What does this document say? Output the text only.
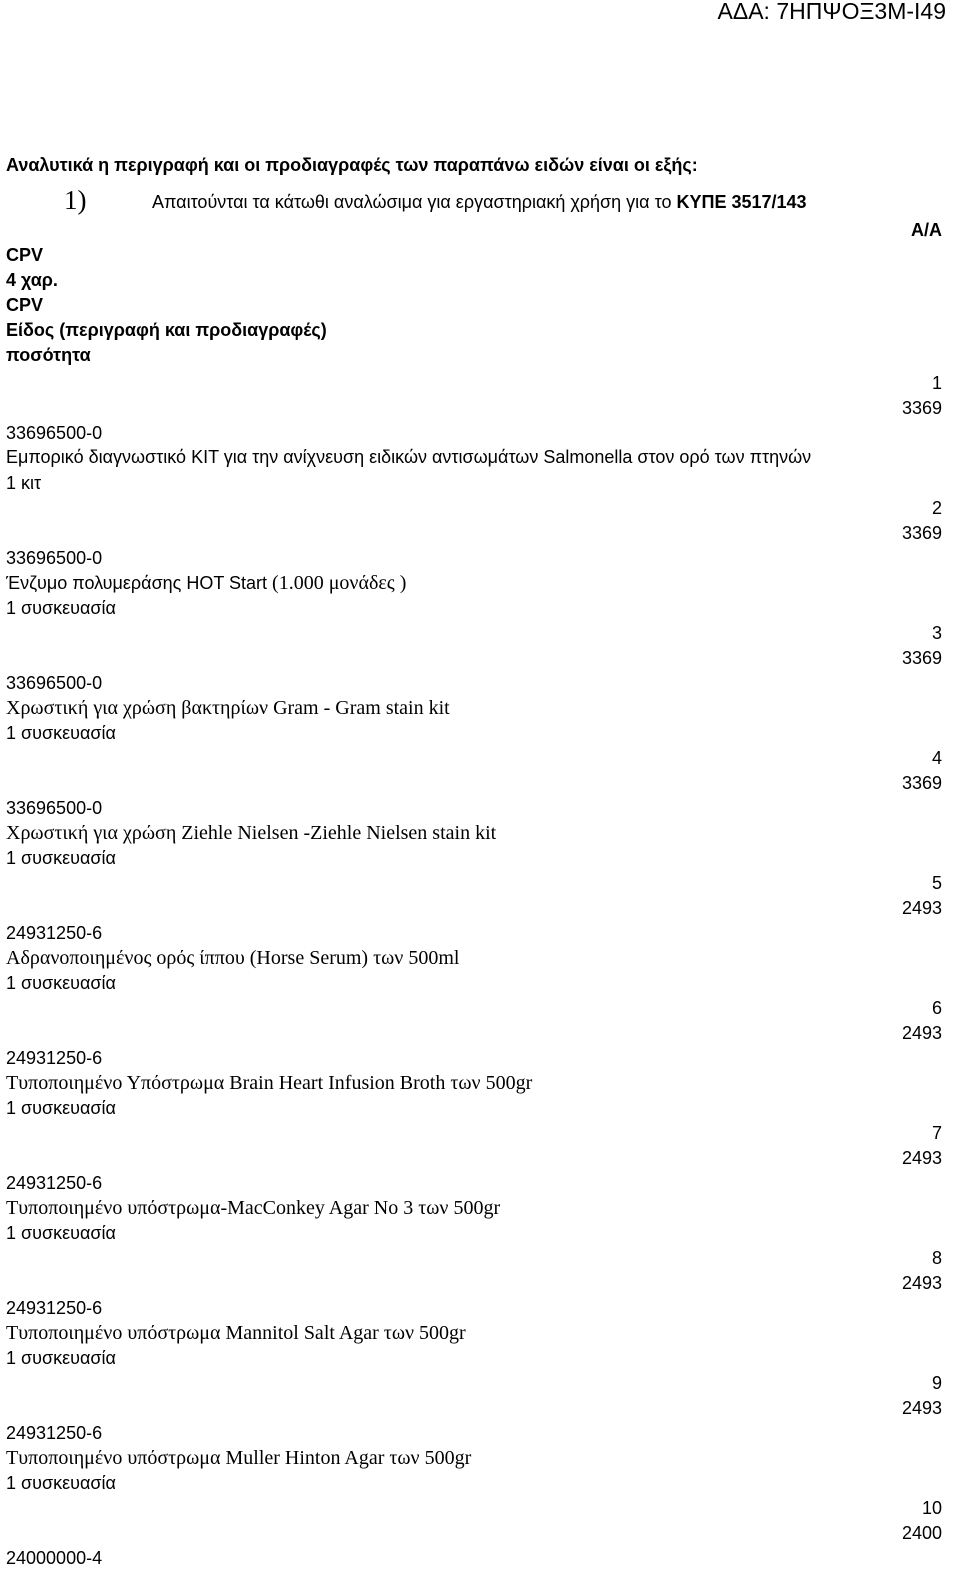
ΑΔΑ: 7ΗΠΨΟΞ3Μ-Ι49
Αναλυτικά η περιγραφή και οι προδιαγραφές των παραπάνω ειδών είναι οι εξής:
1)	Απαιτούνται τα κάτωθι αναλώσιμα για εργαστηριακή χρήση για το ΚΥΠΕ 3517/143
Α/Α
CPV
4 χαρ.
CPV
Είδος (περιγραφή και προδιαγραφές)
ποσότητα
1
3369
33696500-0
Εμπορικό διαγνωστικό KIT για την ανίχνευση ειδικών αντισωμάτων Salmonella στον ορό των πτηνών
1 κιτ
2
3369
33696500-0
Ένζυμο πολυμεράσης HOT Start (1.000 μονάδες )
1 συσκευασία
3
3369
33696500-0
Χρωστική για χρώση βακτηρίων Gram - Gram stain kit
1 συσκευασία
4
3369
33696500-0
Χρωστική για χρώση Ziehle Nielsen -Ziehle Nielsen stain kit
1 συσκευασία
5
2493
24931250-6
Αδρανοποιημένος ορός ίππου (Horse Serum) των 500ml
1 συσκευασία
6
2493
24931250-6
Τυποποιημένο Υπόστρωμα Brain Heart Infusion Broth των 500gr
1 συσκευασία
7
2493
24931250-6
Τυποποιημένο υπόστρωμα-MacConkey Agar No 3 των 500gr
1 συσκευασία
8
2493
24931250-6
Τυποποιημένο υπόστρωμα Mannitol Salt Agar των 500gr
1 συσκευασία
9
2493
24931250-6
Τυποποιημένο υπόστρωμα Muller Hinton Agar των 500gr
1 συσκευασία
10
2400
24000000-4
